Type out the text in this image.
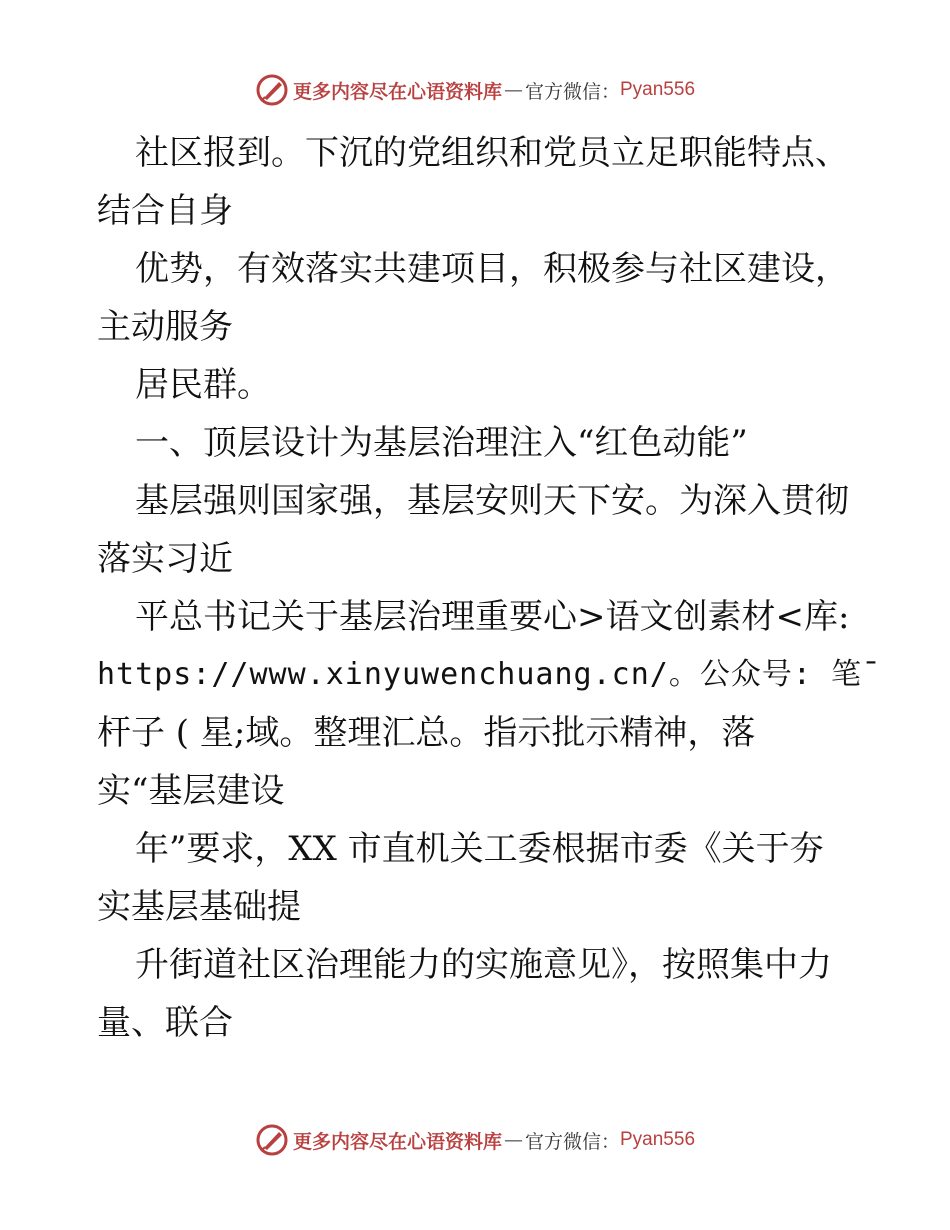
更多内容尽在心语资料库 — 官方微信： Pyan556
社区报到。下沉的党组织和党员立足职能特点、
结合自身
优势，有效落实共建项目，积极参与社区建设，
主动服务
居民群。
一、顶层设计为基层治理注入“红色动能”
基层强则国家强，基层安则天下安。为深入贯彻
落实习近
平总书记关于基层治理重要心>语文创素材<库:
https://www.xinyuwenchuang.cn/。公众号: 笔¯
杆子 ( 星;域。整理汇总。指示批示精神，落
实“基层建设
年”要求，XX 市直机关工委根据市委《关于夯
实基层基础提
升街道社区治理能力的实施意见》，按照集中力
量、联合
更多内容尽在心语资料库 — 官方微信： Pyan556
